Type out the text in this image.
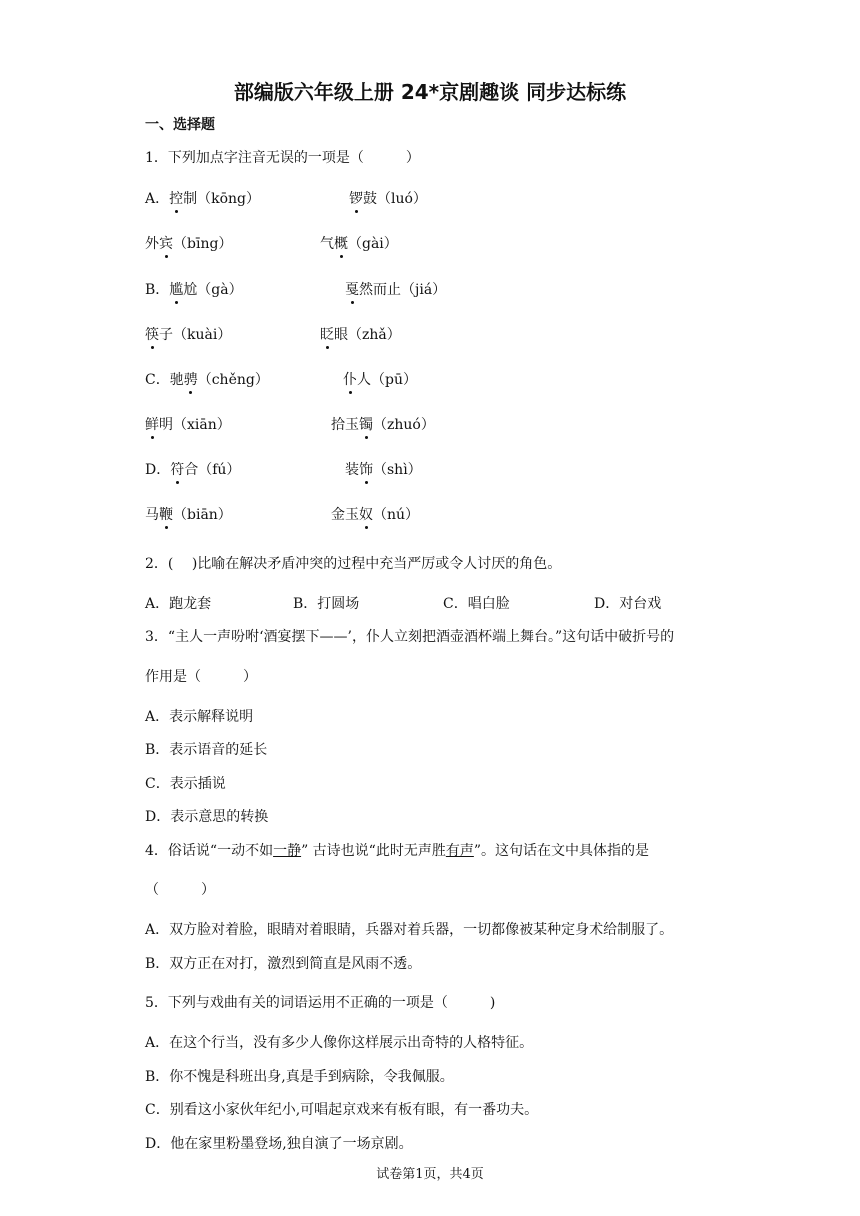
部编版六年级上册 24*京剧趣谈 同步达标练
一、选择题
1．下列加点字注音无误的一项是（　　　）
A．控制（kōng）	锣鼓（luó）
外宾（bīng）	气概（gài）
B．尴尬（gà）	戛然而止（jiá）
筷子（kuài）	眨眼（zhǎ）
C．驰骋（chěng）	仆人（pū）
鲜明（xiān）	拾玉镯（zhuó）
D．符合（fú）	装饰（shì）
马鞭（biān）	金玉奴（nú）
2．(　 )比喻在解决矛盾冲突的过程中充当严厉或令人讨厌的角色。
A．跑龙套	B．打圆场	C．唱白脸	D．对台戏
3．“主人一声吩咐‘酒宴摆下——’，仆人立刻把酒壶酒杯端上舞台。”这句话中破折号的
作用是（　　　）
A．表示解释说明
B．表示语音的延长
C．表示插说
D．表示意思的转换
4．俗话说“一动不如一静” 古诗也说“此时无声胜有声”。这句话在文中具体指的是
（　　　）
A．双方脸对着脸，眼睛对着眼睛，兵器对着兵器，一切都像被某种定身术给制服了。
B．双方正在对打，激烈到简直是风雨不透。
5．下列与戏曲有关的词语运用不正确的一项是（　　　)
A．在这个行当，没有多少人像你这样展示出奇特的人格特征。
B．你不愧是科班出身,真是手到病除，令我佩服。
C．别看这小家伙年纪小,可唱起京戏来有板有眼，有一番功夫。
D．他在家里粉墨登场,独自演了一场京剧。
试卷第1页，共4页
